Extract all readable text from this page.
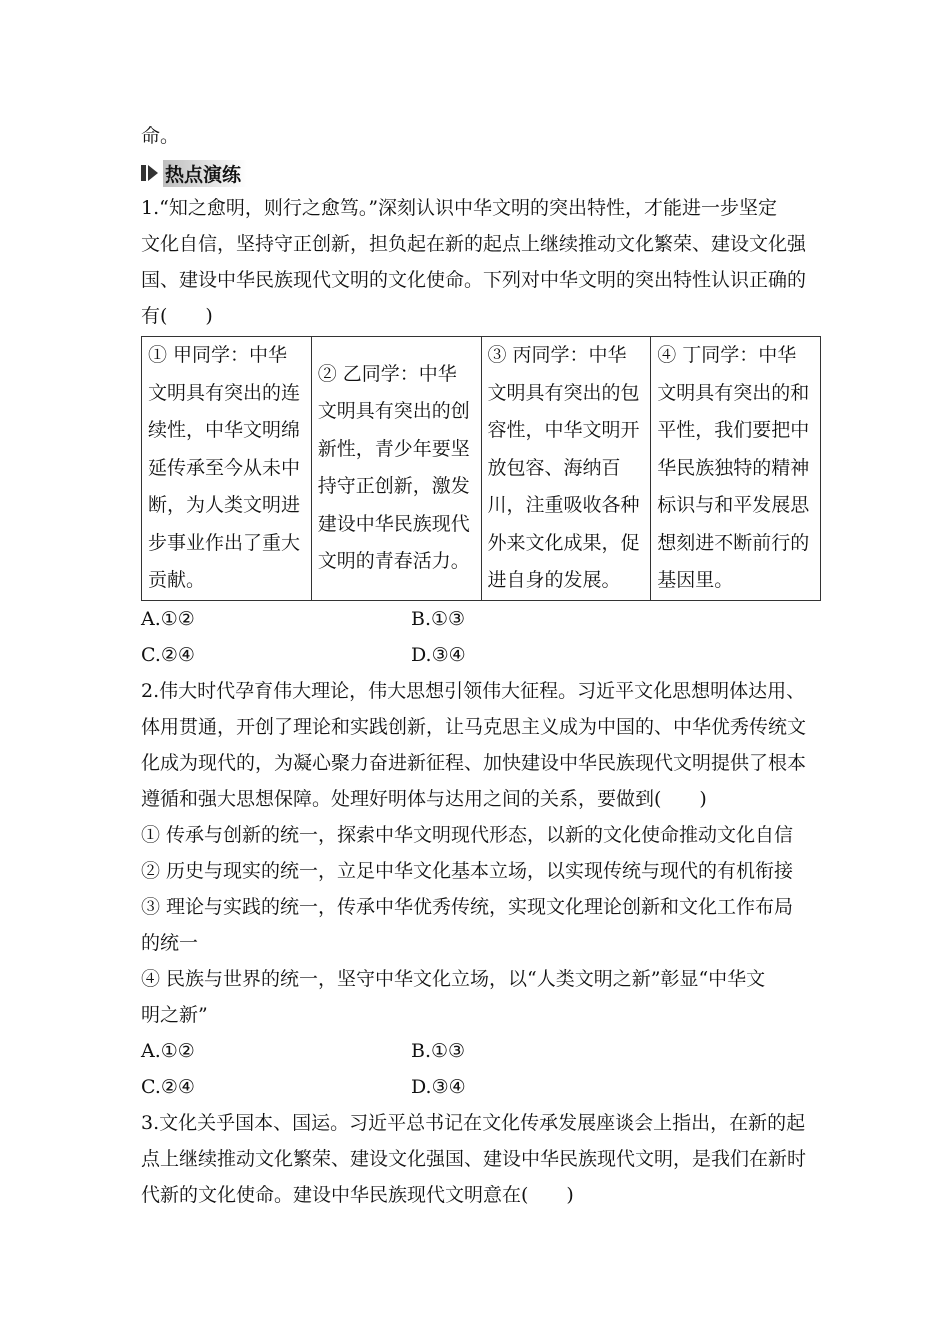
命。
热点演练
1.“知之愈明，则行之愈笃。”深刻认识中华文明的突出特性，才能进一步坚定
文化自信，坚持守正创新，担负起在新的起点上继续推动文化繁荣、建设文化强
国、建设中华民族现代文明的文化使命。下列对中华文明的突出特性认识正确的
有(　　)
① 甲同学：中华文明具有突出的连续性，中华文明绵延传承至今从未中断，为人类文明进步事业作出了重大贡献。

② 乙同学：中华文明具有突出的创新性，青少年要坚持守正创新，激发建设中华民族现代文明的青春活力。

③ 丙同学：中华文明具有突出的包容性，中华文明开放包容、海纳百川，注重吸收各种外来文化成果，促进自身的发展。

④ 丁同学：中华文明具有突出的和平性，我们要把中华民族独特的精神标识与和平发展思想刻进不断前行的基因里。
A.①②	B.①③
C.②④	D.③④
2.伟大时代孕育伟大理论，伟大思想引领伟大征程。习近平文化思想明体达用、
体用贯通，开创了理论和实践创新，让马克思主义成为中国的、中华优秀传统文
化成为现代的，为凝心聚力奋进新征程、加快建设中华民族现代文明提供了根本
遵循和强大思想保障。处理好明体与达用之间的关系，要做到(　　)
① 传承与创新的统一，探索中华文明现代形态，以新的文化使命推动文化自信
② 历史与现实的统一，立足中华文化基本立场，以实现传统与现代的有机衔接
③ 理论与实践的统一，传承中华优秀传统，实现文化理论创新和文化工作布局
的统一
④ 民族与世界的统一，坚守中华文化立场，以“人类文明之新”彰显“中华文
明之新”
A.①②	B.①③
C.②④	D.③④
3.文化关乎国本、国运。习近平总书记在文化传承发展座谈会上指出，在新的起
点上继续推动文化繁荣、建设文化强国、建设中华民族现代文明，是我们在新时
代新的文化使命。建设中华民族现代文明意在(　　)
